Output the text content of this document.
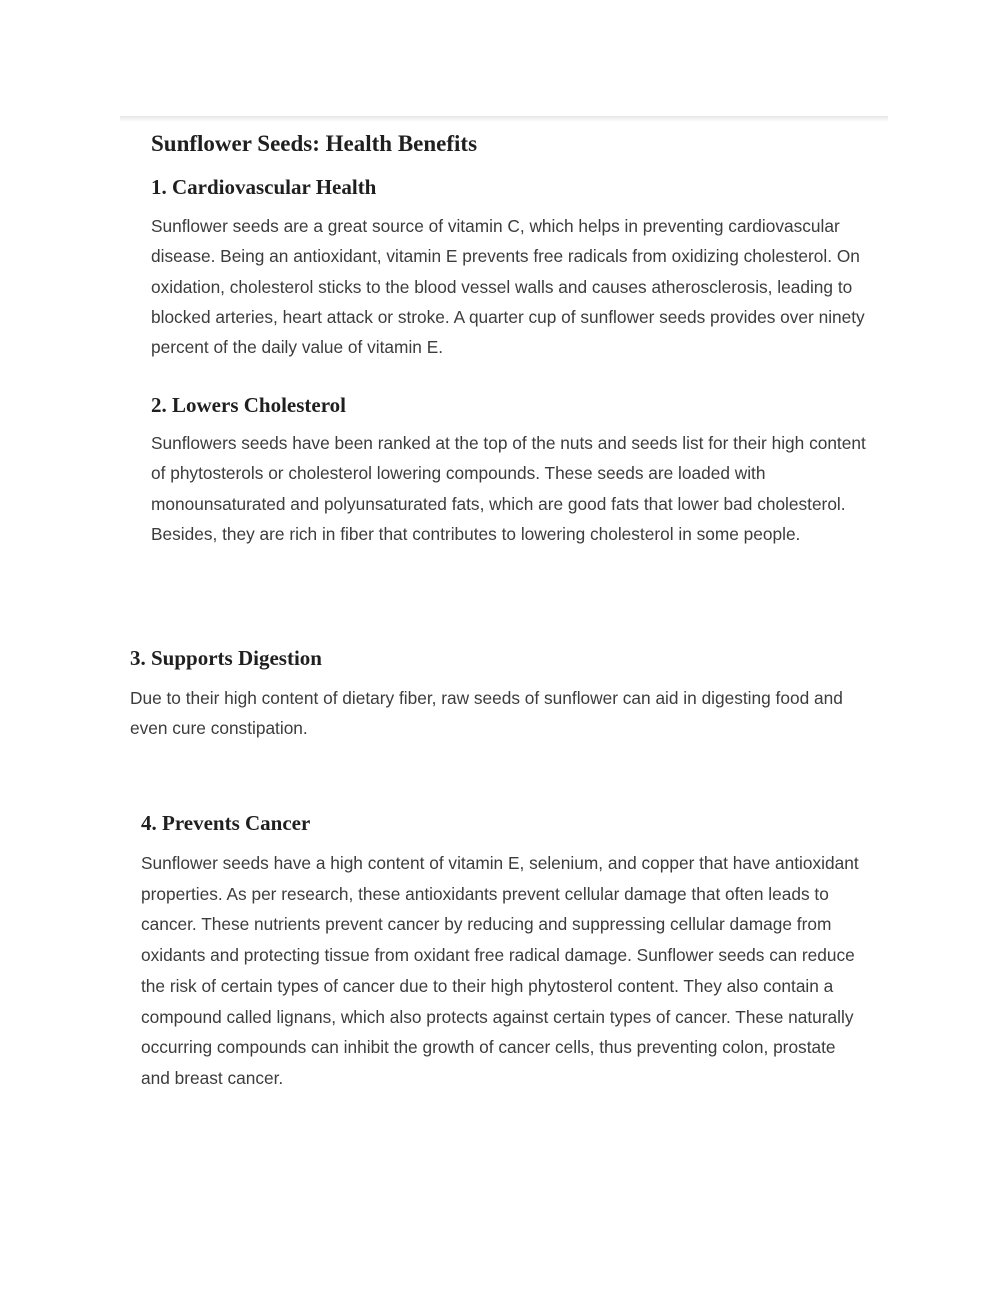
Sunflower Seeds: Health Benefits
1. Cardiovascular Health

Sunflower seeds are a great source of vitamin C, which helps in preventing cardiovascular disease. Being an antioxidant, vitamin E prevents free radicals from oxidizing cholesterol. On oxidation, cholesterol sticks to the blood vessel walls and causes atherosclerosis, leading to blocked arteries, heart attack or stroke. A quarter cup of sunflower seeds provides over ninety percent of the daily value of vitamin E.

2. Lowers Cholesterol

Sunflowers seeds have been ranked at the top of the nuts and seeds list for their high content of phytosterols or cholesterol lowering compounds. These seeds are loaded with monounsaturated and polyunsaturated fats, which are good fats that lower bad cholesterol. Besides, they are rich in fiber that contributes to lowering cholesterol in some people.

3. Supports Digestion

Due to their high content of dietary fiber, raw seeds of sunflower can aid in digesting food and even cure constipation.

4. Prevents Cancer

Sunflower seeds have a high content of vitamin E, selenium, and copper that have antioxidant properties. As per research, these antioxidants prevent cellular damage that often leads to cancer. These nutrients prevent cancer by reducing and suppressing cellular damage from oxidants and protecting tissue from oxidant free radical damage. Sunflower seeds can reduce the risk of certain types of cancer due to their high phytosterol content. They also contain a compound called lignans, which also protects against certain types of cancer. These naturally occurring compounds can inhibit the growth of cancer cells, thus preventing colon, prostate and breast cancer.
